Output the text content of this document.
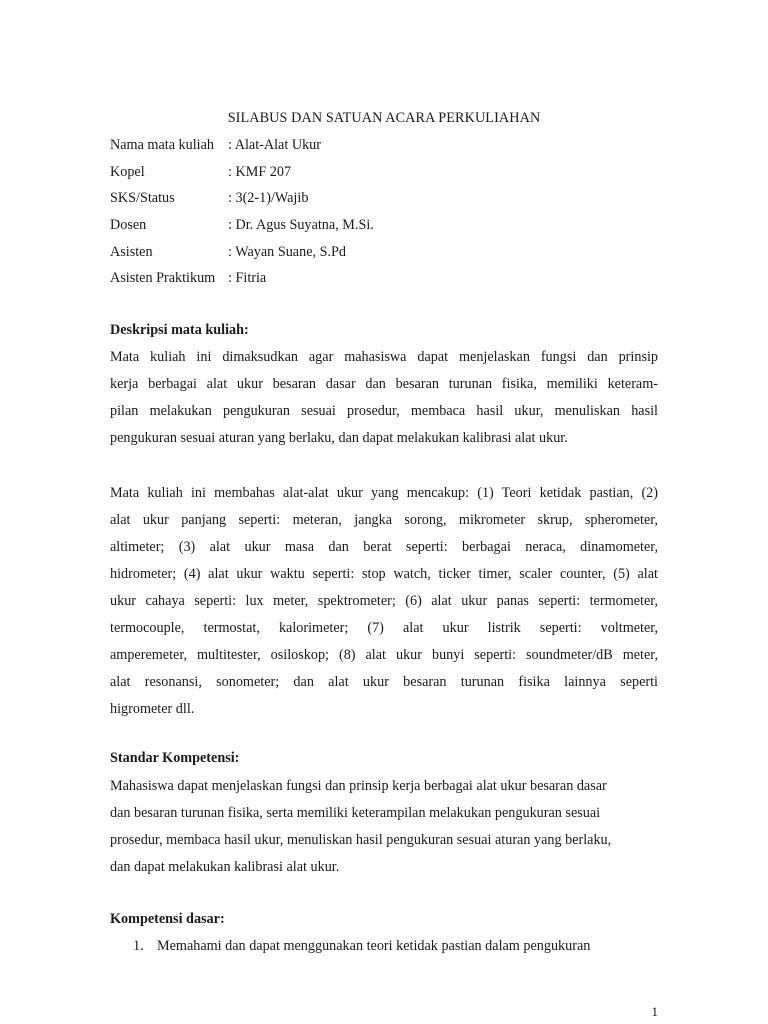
SILABUS DAN SATUAN ACARA PERKULIAHAN
Nama mata kuliah : Alat-Alat Ukur
Kopel	: KMF 207
SKS/Status	: 3(2-1)/Wajib
Dosen	: Dr. Agus Suyatna, M.Si.
Asisten	: Wayan Suane, S.Pd
Asisten Praktikum : Fitria
Deskripsi mata kuliah:
Mata kuliah ini dimaksudkan agar mahasiswa dapat menjelaskan fungsi dan prinsip
kerja berbagai alat ukur besaran dasar dan besaran turunan fisika, memiliki keteram-
pilan melakukan pengukuran sesuai prosedur, membaca hasil ukur, menuliskan hasil
pengukuran sesuai aturan yang berlaku, dan dapat melakukan kalibrasi alat ukur.
Mata kuliah ini membahas alat-alat ukur yang mencakup: (1) Teori ketidak pastian, (2)
alat ukur panjang seperti: meteran, jangka sorong, mikrometer skrup, spherometer,
altimeter; (3) alat ukur masa dan berat seperti: berbagai neraca, dinamometer,
hidrometer; (4) alat ukur waktu seperti: stop watch, ticker timer, scaler counter, (5) alat
ukur cahaya seperti: lux meter, spektrometer; (6) alat ukur panas seperti: termometer,
termocouple, termostat, kalorimeter; (7) alat ukur listrik seperti: voltmeter,
amperemeter, multitester, osiloskop; (8) alat ukur bunyi seperti: soundmeter/dB meter,
alat resonansi, sonometer; dan alat ukur besaran turunan fisika lainnya seperti
higrometer dll.
Standar Kompetensi:
Mahasiswa dapat menjelaskan fungsi dan prinsip kerja berbagai alat ukur besaran dasar
dan besaran turunan fisika, serta memiliki keterampilan melakukan pengukuran sesuai
prosedur, membaca hasil ukur, menuliskan hasil pengukuran sesuai aturan yang berlaku,
dan dapat melakukan kalibrasi alat ukur.
Kompetensi dasar:
1. Memahami dan dapat menggunakan teori ketidak pastian dalam pengukuran
1
